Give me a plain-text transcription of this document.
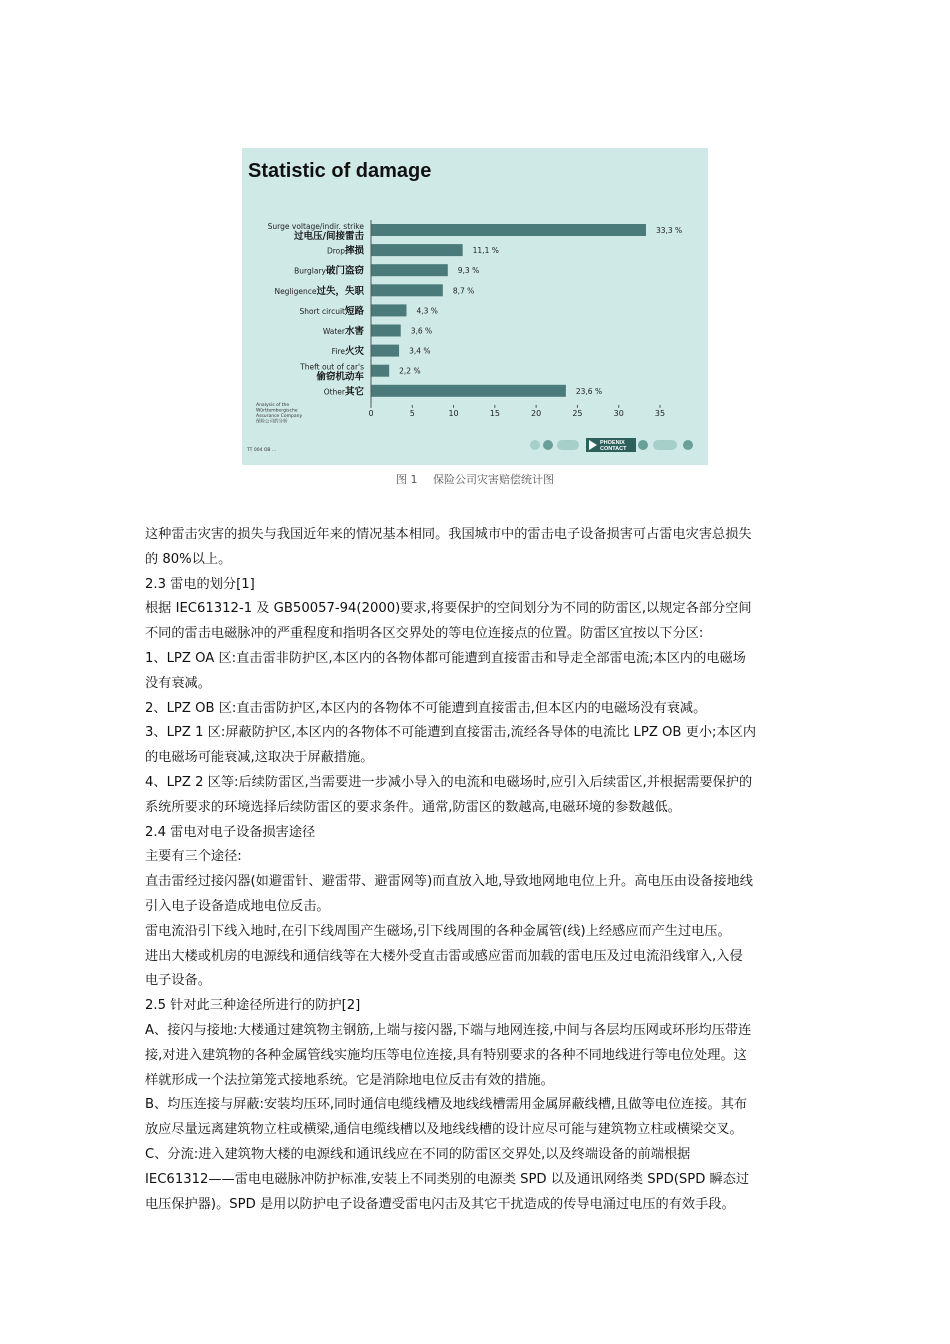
Statistic of damage
33,3 %
Surge voltage/indir. strike
过电压/间接雷击
11,1 %
Drop摔损
9,3 %
Burglary破门盗窃
8,7 %
Negligence过失，失职
4,3 %
Short circuit短路
3,6 %
Water水害
3,4 %
Fire火灾
2,2 %
Theft out of car's
偷窃机动车
23,6 %
Other其它
0	5	10	15	20	25	30	35
Analysis of the
Württembergische
Assurance Company
保险公司的分析
TT 004 OB ...
PHOENIX
CONTACT
图 1 保险公司灾害赔偿统计图
这种雷击灾害的损失与我国近年来的情况基本相同。我国城市中的雷击电子设备损害可占雷电灾害总损失
的 80%以上。
2.3 雷电的划分[1]
根据 IEC61312-1 及 GB50057-94(2000)要求,将要保护的空间划分为不同的防雷区,以规定各部分空间
不同的雷击电磁脉冲的严重程度和指明各区交界处的等电位连接点的位置。防雷区宜按以下分区:
1、LPZ OA 区:直击雷非防护区,本区内的各物体都可能遭到直接雷击和导走全部雷电流;本区内的电磁场
没有衰减。
2、LPZ OB 区:直击雷防护区,本区内的各物体不可能遭到直接雷击,但本区内的电磁场没有衰减。
3、LPZ 1 区:屏蔽防护区,本区内的各物体不可能遭到直接雷击,流经各导体的电流比 LPZ OB 更小;本区内
的电磁场可能衰减,这取决于屏蔽措施。
4、LPZ 2 区等:后续防雷区,当需要进一步减小导入的电流和电磁场时,应引入后续雷区,并根据需要保护的
系统所要求的环境选择后续防雷区的要求条件。通常,防雷区的数越高,电磁环境的参数越低。
2.4 雷电对电子设备损害途径
主要有三个途径:
直击雷经过接闪器(如避雷针、避雷带、避雷网等)而直放入地,导致地网地电位上升。高电压由设备接地线
引入电子设备造成地电位反击。
雷电流沿引下线入地时,在引下线周围产生磁场,引下线周围的各种金属管(线)上经感应而产生过电压。
进出大楼或机房的电源线和通信线等在大楼外受直击雷或感应雷而加载的雷电压及过电流沿线窜入,入侵
电子设备。
2.5 针对此三种途径所进行的防护[2]
A、接闪与接地:大楼通过建筑物主钢筋,上端与接闪器,下端与地网连接,中间与各层均压网或环形均压带连
接,对进入建筑物的各种金属管线实施均压等电位连接,具有特别要求的各种不同地线进行等电位处理。这
样就形成一个法拉第笼式接地系统。它是消除地电位反击有效的措施。
B、均压连接与屏蔽:安装均压环,同时通信电缆线槽及地线线槽需用金属屏蔽线槽,且做等电位连接。其布
放应尽量远离建筑物立柱或横梁,通信电缆线槽以及地线线槽的设计应尽可能与建筑物立柱或横梁交叉。
C、分流:进入建筑物大楼的电源线和通讯线应在不同的防雷区交界处,以及终端设备的前端根据
IEC61312——雷电电磁脉冲防护标准,安装上不同类别的电源类 SPD 以及通讯网络类 SPD(SPD 瞬态过
电压保护器)。SPD 是用以防护电子设备遭受雷电闪击及其它干扰造成的传导电涌过电压的有效手段。
